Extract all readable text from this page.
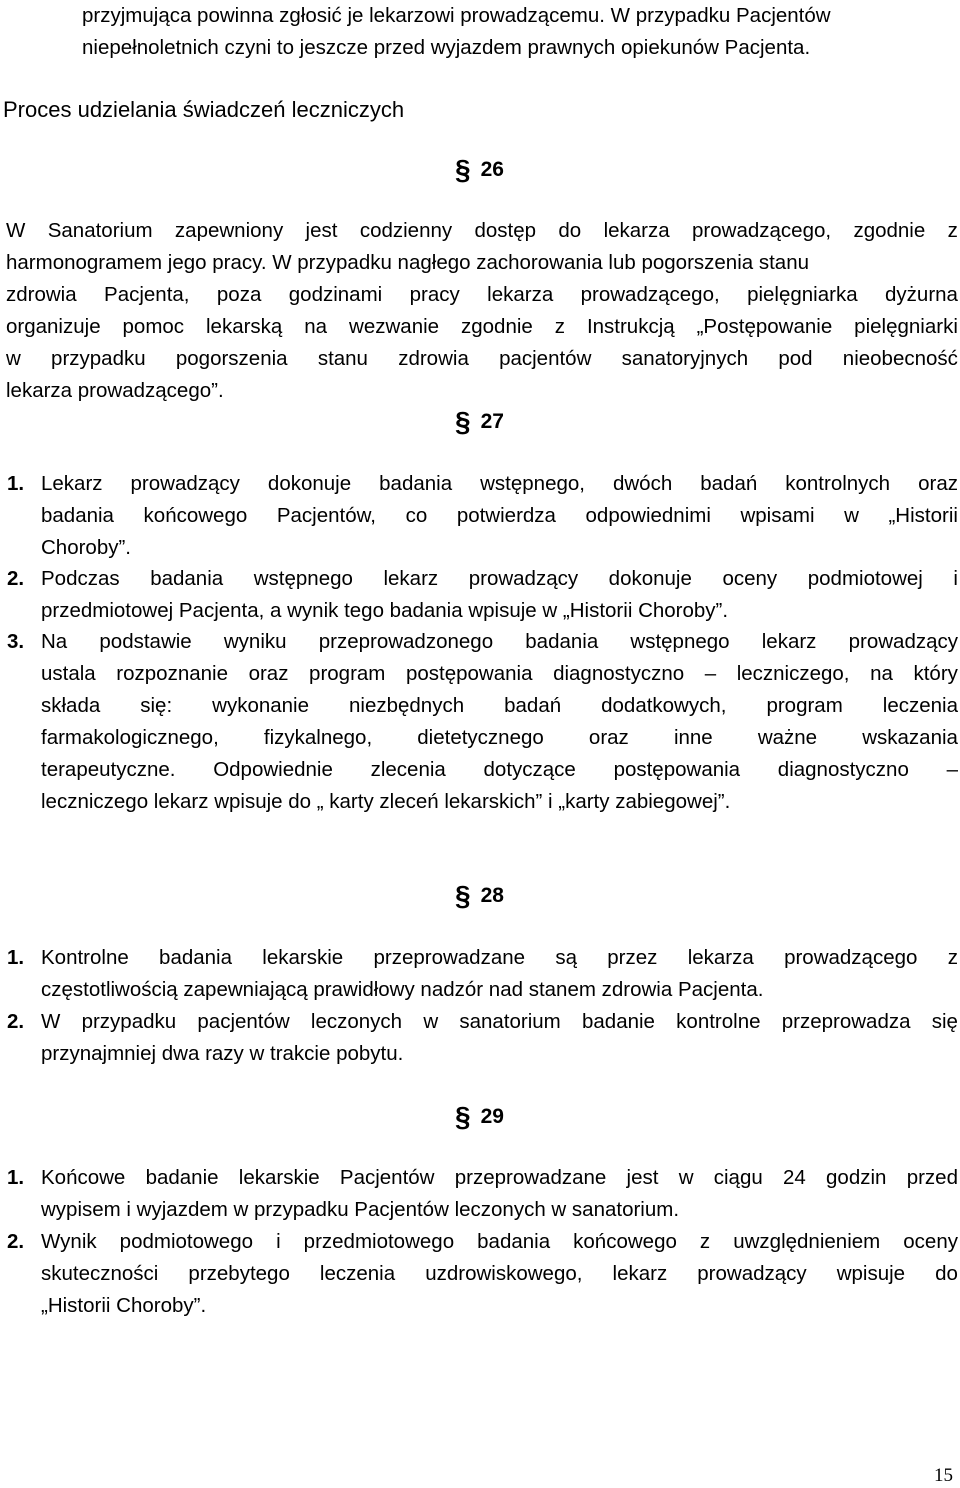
przyjmująca powinna zgłosić je lekarzowi prowadzącemu. W przypadku Pacjentów
niepełnoletnich czyni to jeszcze przed wyjazdem prawnych opiekunów Pacjenta.
Proces udzielania świadczeń leczniczych
§ 26
W Sanatorium zapewniony jest codzienny dostęp do lekarza prowadzącego, zgodnie z
harmonogramem jego pracy. W przypadku nagłego zachorowania lub pogorszenia stanu
zdrowia Pacjenta, poza godzinami pracy lekarza prowadzącego, pielęgniarka dyżurna
organizuje pomoc lekarską na wezwanie zgodnie z Instrukcją „Postępowanie pielęgniarki
w przypadku pogorszenia stanu zdrowia pacjentów sanatoryjnych pod nieobecność
lekarza prowadzącego”.
§ 27
1. Lekarz prowadzący dokonuje badania wstępnego, dwóch badań kontrolnych oraz
badania końcowego Pacjentów, co potwierdza odpowiednimi wpisami w „Historii
Choroby”.
2. Podczas badania wstępnego lekarz prowadzący dokonuje oceny podmiotowej i
przedmiotowej Pacjenta, a wynik tego badania wpisuje w „Historii Choroby”.
3. Na podstawie wyniku przeprowadzonego badania wstępnego lekarz prowadzący
ustala rozpoznanie oraz program postępowania diagnostyczno – leczniczego, na który
składa się: wykonanie niezbędnych badań dodatkowych, program leczenia
farmakologicznego, fizykalnego, dietetycznego oraz inne ważne wskazania
terapeutyczne. Odpowiednie zlecenia dotyczące postępowania diagnostyczno –
leczniczego lekarz wpisuje do „ karty zleceń lekarskich” i „karty zabiegowej”.
§ 28
1. Kontrolne badania lekarskie przeprowadzane są przez lekarza prowadzącego z
częstotliwością zapewniającą prawidłowy nadzór nad stanem zdrowia Pacjenta.
2. W przypadku pacjentów leczonych w sanatorium badanie kontrolne przeprowadza się
przynajmniej dwa razy w trakcie pobytu.
§ 29
1. Końcowe badanie lekarskie Pacjentów przeprowadzane jest w ciągu 24 godzin przed
wypisem i wyjazdem w przypadku Pacjentów leczonych w sanatorium.
2. Wynik podmiotowego i przedmiotowego badania końcowego z uwzględnieniem oceny
skuteczności przebytego leczenia uzdrowiskowego, lekarz prowadzący wpisuje do
„Historii Choroby”.
15
